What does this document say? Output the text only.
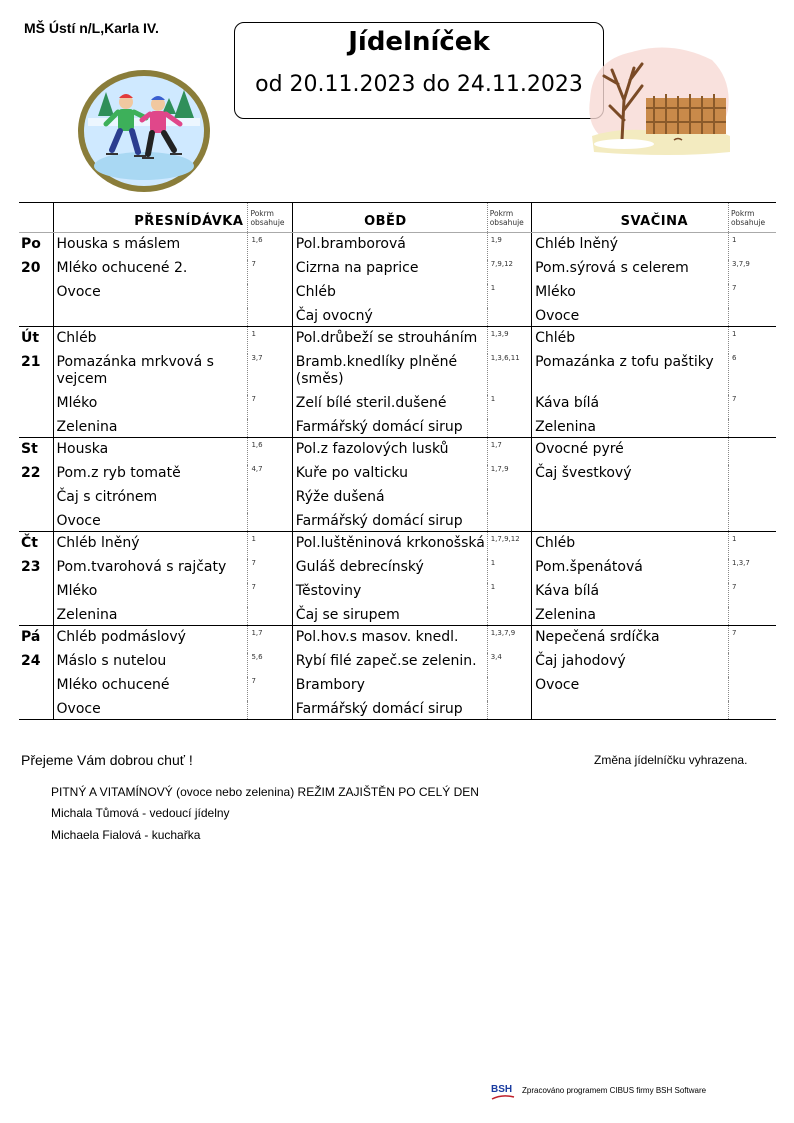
MŠ Ústí n/L,Karla IV.	Jídelníček
od 20.11.2023 do 24.11.2023
	PŘESNÍDÁVKA	Pokrm
obsahuje	OBĚD	Pokrm
obsahuje	SVAČINA	Pokrm
obsahuje
Po	Houska s máslem	1,6	Pol.bramborová	1,9	Chléb lněný	1
20	Mléko ochucené 2.	7	Cizrna na paprice	7,9,12	Pom.sýrová s celerem	3,7,9
	Ovoce		Chléb	1	Mléko	7
			Čaj ovocný		Ovoce	
Út	Chléb	1	Pol.drůbeží se strouháním	1,3,9	Chléb	1
21	Pomazánka mrkvová s vejcem	3,7	Bramb.knedlíky plněné (směs)	1,3,6,11	Pomazánka z tofu paštiky	6
	Mléko	7	Zelí bílé steril.dušené	1	Káva bílá	7
	Zelenina		Farmářský domácí sirup		Zelenina	
St	Houska	1,6	Pol.z fazolových lusků	1,7	Ovocné pyré	
22	Pom.z ryb tomatě	4,7	Kuře po valticku	1,7,9	Čaj švestkový	
	Čaj s citrónem		Rýže dušená			
	Ovoce		Farmářský domácí sirup			
Čt	Chléb lněný	1	Pol.luštěninová krkonošská	1,7,9,12	Chléb	1
23	Pom.tvarohová s rajčaty	7	Guláš debrecínský	1	Pom.špenátová	1,3,7
	Mléko	7	Těstoviny	1	Káva bílá	7
	Zelenina		Čaj se sirupem		Zelenina	
Pá	Chléb podmáslový	1,7	Pol.hov.s masov. knedl.	1,3,7,9	Nepečená srdíčka	7
24	Máslo s nutelou	5,6	Rybí filé zapeč.se zelenin.	3,4	Čaj jahodový	
	Mléko ochucené	7	Brambory		Ovoce	
	Ovoce		Farmářský domácí sirup			
Přejeme Vám dobrou chuť !	Změna jídelníčku vyhrazena.
PITNÝ A VITAMÍNOVÝ (ovoce nebo zelenina) REŽIM ZAJIŠTĚN PO CELÝ DEN
Michala Tůmová - vedoucí jídelny
Michaela Fialová - kuchařka
BSH Zpracováno programem CIBUS firmy BSH Software
